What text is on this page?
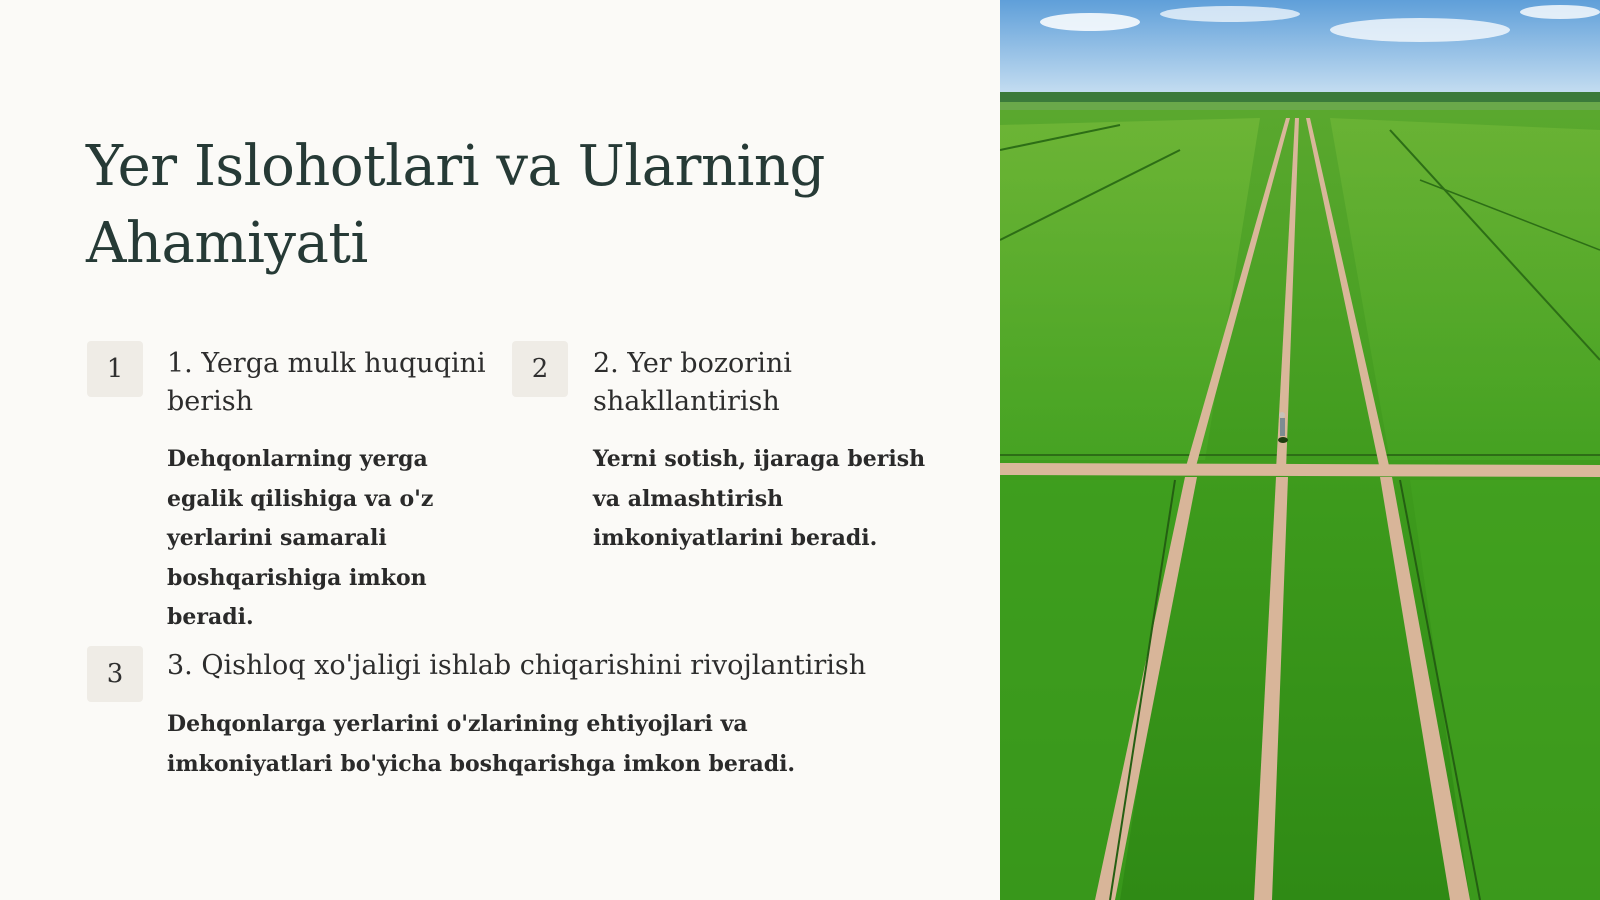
Yer Islohotlari va Ularning Ahamiyati
1	1. Yerga mulk huquqini berish

Dehqonlarning yerga egalik qilishiga va o'z yerlarini samarali boshqarishiga imkon beradi.

2	2. Yer bozorini shakllantirish

Yerni sotish, ijaraga berish va almashtirish imkoniyatlarini beradi.

3	3. Qishloq xo'jaligi ishlab chiqarishini rivojlantirish

Dehqonlarga yerlarini o'zlarining ehtiyojlari va imkoniyatlari bo'yicha boshqarishga imkon beradi.
